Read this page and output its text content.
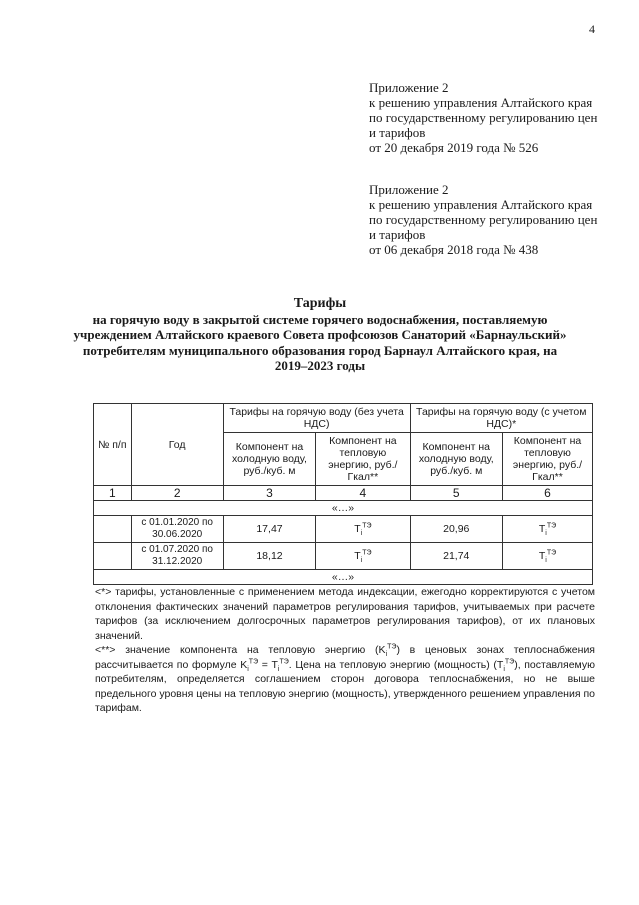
4
Приложение 2
к решению управления Алтайского края
по государственному регулированию цен
и тарифов
от 20 декабря 2019 года № 526
Приложение 2
к решению управления Алтайского края
по государственному регулированию цен
и тарифов
от 06 декабря 2018 года № 438
Тарифы
на горячую воду в закрытой системе горячего водоснабжения, поставляемую
учреждением Алтайского краевого Совета профсоюзов Санаторий «Барнаульский»
потребителям муниципального образования город Барнаул Алтайского края, на
2019–2023 годы
№ п/п	Год	Тарифы на горячую воду (без учета НДС)		Тарифы на горячую воду (с учетом НДС)*	
		Компонент на холодную воду, руб./куб. м	Компонент на тепловую энергию, руб./Гкал**	Компонент на холодную воду, руб./куб. м	Компонент на тепловую энергию, руб./Гкал**
1	2	3	4	5	6
«…»					
	с 01.01.2020 по 30.06.2020	17,47	$T_i^{ТЭ}$	20,96	$T_i^{ТЭ}$
	с 01.07.2020 по 31.12.2020	18,12	$T_i^{ТЭ}$	21,74	$T_i^{ТЭ}$
«…»					

<*> тарифы, установленные с применением метода индексации, ежегодно корректируются с учетом отклонения фактических значений параметров регулирования тарифов, учитываемых при расчете тарифов (за исключением долгосрочных параметров регулирования тарифов), от их плановых значений.

<**> значение компонента на тепловую энергию $(K_i^{ТЭ})$ в ценовых зонах теплоснабжения рассчитывается по формуле $K_i^{ТЭ} = T_i^{ТЭ}$. Цена на тепловую энергию (мощность) $(T_i^{ТЭ})$, поставляемую потребителям, определяется соглашением сторон договора теплоснабжения, но не выше предельного уровня цены на тепловую энергию (мощность), утвержденного решением управления по тарифам.
